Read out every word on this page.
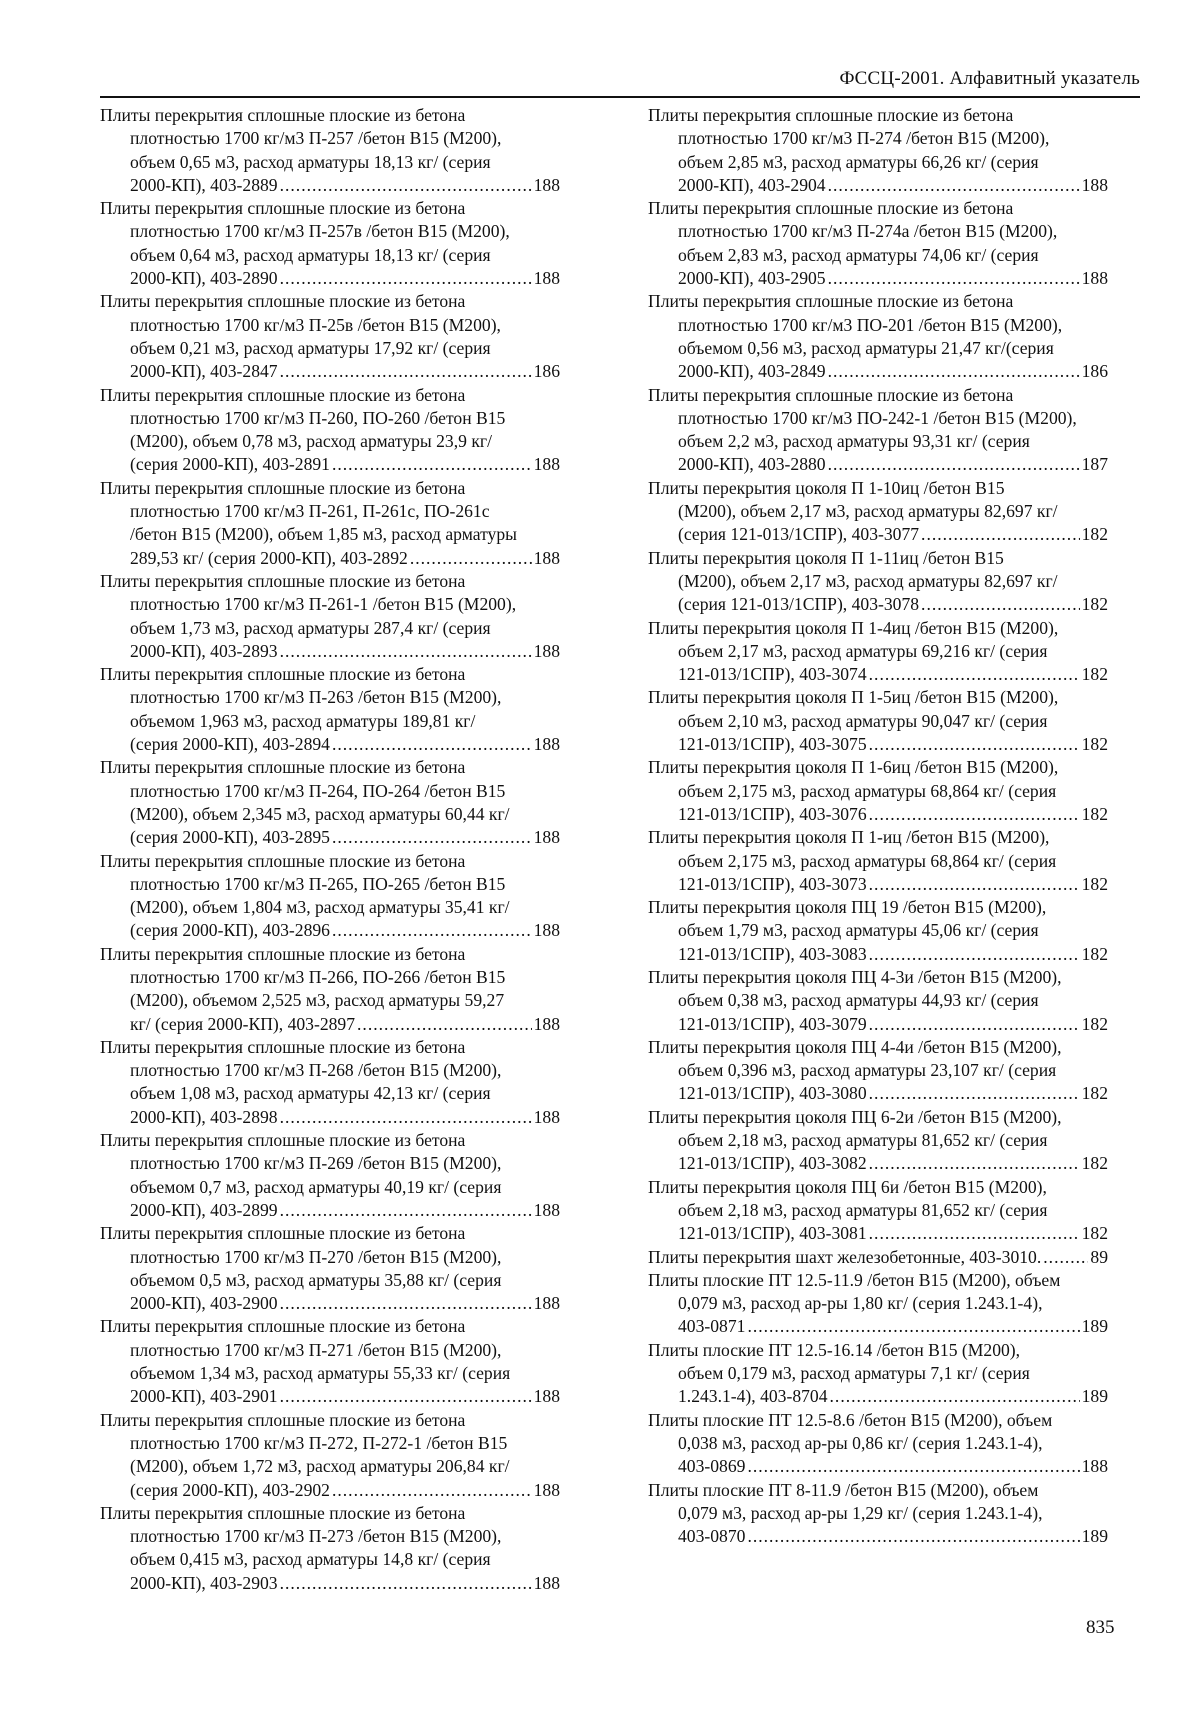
ФССЦ-2001. Алфавитный указатель
Плиты перекрытия сплошные плоские из бетона
плотностью 1700 кг/м3 П-257 /бетон В15 (М200),
объем 0,65 м3, расход арматуры 18,13 кг/ (серия
2000-КП), 403-2889 .....	188
Плиты перекрытия сплошные плоские из бетона
плотностью 1700 кг/м3 П-257в /бетон В15 (М200),
объем 0,64 м3, расход арматуры 18,13 кг/ (серия
2000-КП), 403-2890 .....	188
Плиты перекрытия сплошные плоские из бетона
плотностью 1700 кг/м3 П-25в /бетон В15 (М200),
объем 0,21 м3, расход арматуры 17,92 кг/ (серия
2000-КП), 403-2847 .....	186
Плиты перекрытия сплошные плоские из бетона
плотностью 1700 кг/м3 П-260, ПО-260 /бетон В15
(М200), объем 0,78 м3, расход арматуры 23,9 кг/
(серия 2000-КП), 403-2891 .....	188
Плиты перекрытия сплошные плоские из бетона
плотностью 1700 кг/м3 П-261, П-261с, ПО-261с
/бетон В15 (М200), объем 1,85 м3, расход арматуры
289,53 кг/ (серия 2000-КП), 403-2892 .....	188
Плиты перекрытия сплошные плоские из бетона
плотностью 1700 кг/м3 П-261-1 /бетон В15 (М200),
объем 1,73 м3, расход арматуры 287,4 кг/ (серия
2000-КП), 403-2893 .....	188
Плиты перекрытия сплошные плоские из бетона
плотностью 1700 кг/м3 П-263 /бетон В15 (М200),
объемом 1,963 м3, расход арматуры 189,81 кг/
(серия 2000-КП), 403-2894 .....	188
Плиты перекрытия сплошные плоские из бетона
плотностью 1700 кг/м3 П-264, ПО-264 /бетон В15
(М200), объем 2,345 м3, расход арматуры 60,44 кг/
(серия 2000-КП), 403-2895 .....	188
Плиты перекрытия сплошные плоские из бетона
плотностью 1700 кг/м3 П-265, ПО-265 /бетон В15
(М200), объем 1,804 м3, расход арматуры 35,41 кг/
(серия 2000-КП), 403-2896 .....	188
Плиты перекрытия сплошные плоские из бетона
плотностью 1700 кг/м3 П-266, ПО-266 /бетон В15
(М200), объемом 2,525 м3, расход арматуры 59,27
кг/ (серия 2000-КП), 403-2897 .....	188
Плиты перекрытия сплошные плоские из бетона
плотностью 1700 кг/м3 П-268 /бетон В15 (М200),
объем 1,08 м3, расход арматуры 42,13 кг/ (серия
2000-КП), 403-2898 .....	188
Плиты перекрытия сплошные плоские из бетона
плотностью 1700 кг/м3 П-269 /бетон В15 (М200),
объемом 0,7 м3, расход арматуры 40,19 кг/ (серия
2000-КП), 403-2899 .....	188
Плиты перекрытия сплошные плоские из бетона
плотностью 1700 кг/м3 П-270 /бетон В15 (М200),
объемом 0,5 м3, расход арматуры 35,88 кг/ (серия
2000-КП), 403-2900 .....	188
Плиты перекрытия сплошные плоские из бетона
плотностью 1700 кг/м3 П-271 /бетон В15 (М200),
объемом 1,34 м3, расход арматуры 55,33 кг/ (серия
2000-КП), 403-2901 .....	188
Плиты перекрытия сплошные плоские из бетона
плотностью 1700 кг/м3 П-272, П-272-1 /бетон В15
(М200), объем 1,72 м3, расход арматуры 206,84 кг/
(серия 2000-КП), 403-2902 .....	188
Плиты перекрытия сплошные плоские из бетона
плотностью 1700 кг/м3 П-273 /бетон В15 (М200),
объем 0,415 м3, расход арматуры 14,8 кг/ (серия
2000-КП), 403-2903 .....	188
Плиты перекрытия сплошные плоские из бетона
плотностью 1700 кг/м3 П-274 /бетон В15 (М200),
объем 2,85 м3, расход арматуры 66,26 кг/ (серия
2000-КП), 403-2904 .....	188
Плиты перекрытия сплошные плоские из бетона
плотностью 1700 кг/м3 П-274а /бетон В15 (М200),
объем 2,83 м3, расход арматуры 74,06 кг/ (серия
2000-КП), 403-2905 .....	188
Плиты перекрытия сплошные плоские из бетона
плотностью 1700 кг/м3 ПО-201 /бетон В15 (М200),
объемом 0,56 м3, расход арматуры 21,47 кг/(серия
2000-КП), 403-2849 .....	186
Плиты перекрытия сплошные плоские из бетона
плотностью 1700 кг/м3 ПО-242-1 /бетон В15 (М200),
объем 2,2 м3, расход арматуры 93,31 кг/ (серия
2000-КП), 403-2880 .....	187
Плиты перекрытия цоколя П 1-10иц /бетон В15
(М200), объем 2,17 м3, расход арматуры 82,697 кг/
(серия 121-013/1СПР), 403-3077 .....	182
Плиты перекрытия цоколя П 1-11иц /бетон В15
(М200), объем 2,17 м3, расход арматуры 82,697 кг/
(серия 121-013/1СПР), 403-3078 .....	182
Плиты перекрытия цоколя П 1-4иц /бетон В15 (М200),
объем 2,17 м3, расход арматуры 69,216 кг/ (серия
121-013/1СПР), 403-3074 .....	182
Плиты перекрытия цоколя П 1-5иц /бетон В15 (М200),
объем 2,10 м3, расход арматуры 90,047 кг/ (серия
121-013/1СПР), 403-3075 .....	182
Плиты перекрытия цоколя П 1-6иц /бетон В15 (М200),
объем 2,175 м3, расход арматуры 68,864 кг/ (серия
121-013/1СПР), 403-3076 .....	182
Плиты перекрытия цоколя П 1-иц /бетон В15 (М200),
объем 2,175 м3, расход арматуры 68,864 кг/ (серия
121-013/1СПР), 403-3073 .....	182
Плиты перекрытия цоколя ПЦ 19 /бетон В15 (М200),
объем 1,79 м3, расход арматуры 45,06 кг/ (серия
121-013/1СПР), 403-3083 .....	182
Плиты перекрытия цоколя ПЦ 4-3и /бетон В15 (М200),
объем 0,38 м3, расход арматуры 44,93 кг/ (серия
121-013/1СПР), 403-3079 .....	182
Плиты перекрытия цоколя ПЦ 4-4и /бетон В15 (М200),
объем 0,396 м3, расход арматуры 23,107 кг/ (серия
121-013/1СПР), 403-3080 .....	182
Плиты перекрытия цоколя ПЦ 6-2и /бетон В15 (М200),
объем 2,18 м3, расход арматуры 81,652 кг/ (серия
121-013/1СПР), 403-3082 .....	182
Плиты перекрытия цоколя ПЦ 6и /бетон В15 (М200),
объем 2,18 м3, расход арматуры 81,652 кг/ (серия
121-013/1СПР), 403-3081 .....	182
Плиты перекрытия шахт железобетонные, 403-3010. .....	89
Плиты плоские ПТ 12.5-11.9 /бетон В15 (М200), объем
0,079 м3, расход ар-ры 1,80 кг/ (серия 1.243.1-4),
403-0871 .....	189
Плиты плоские ПТ 12.5-16.14 /бетон В15 (М200),
объем 0,179 м3, расход арматуры 7,1 кг/ (серия
1.243.1-4), 403-8704 .....	189
Плиты плоские ПТ 12.5-8.6 /бетон В15 (М200), объем
0,038 м3, расход ар-ры 0,86 кг/ (серия 1.243.1-4),
403-0869 .....	188
Плиты плоские ПТ 8-11.9 /бетон В15 (М200), объем
0,079 м3, расход ар-ры 1,29 кг/ (серия 1.243.1-4),
403-0870 .....	189
835
